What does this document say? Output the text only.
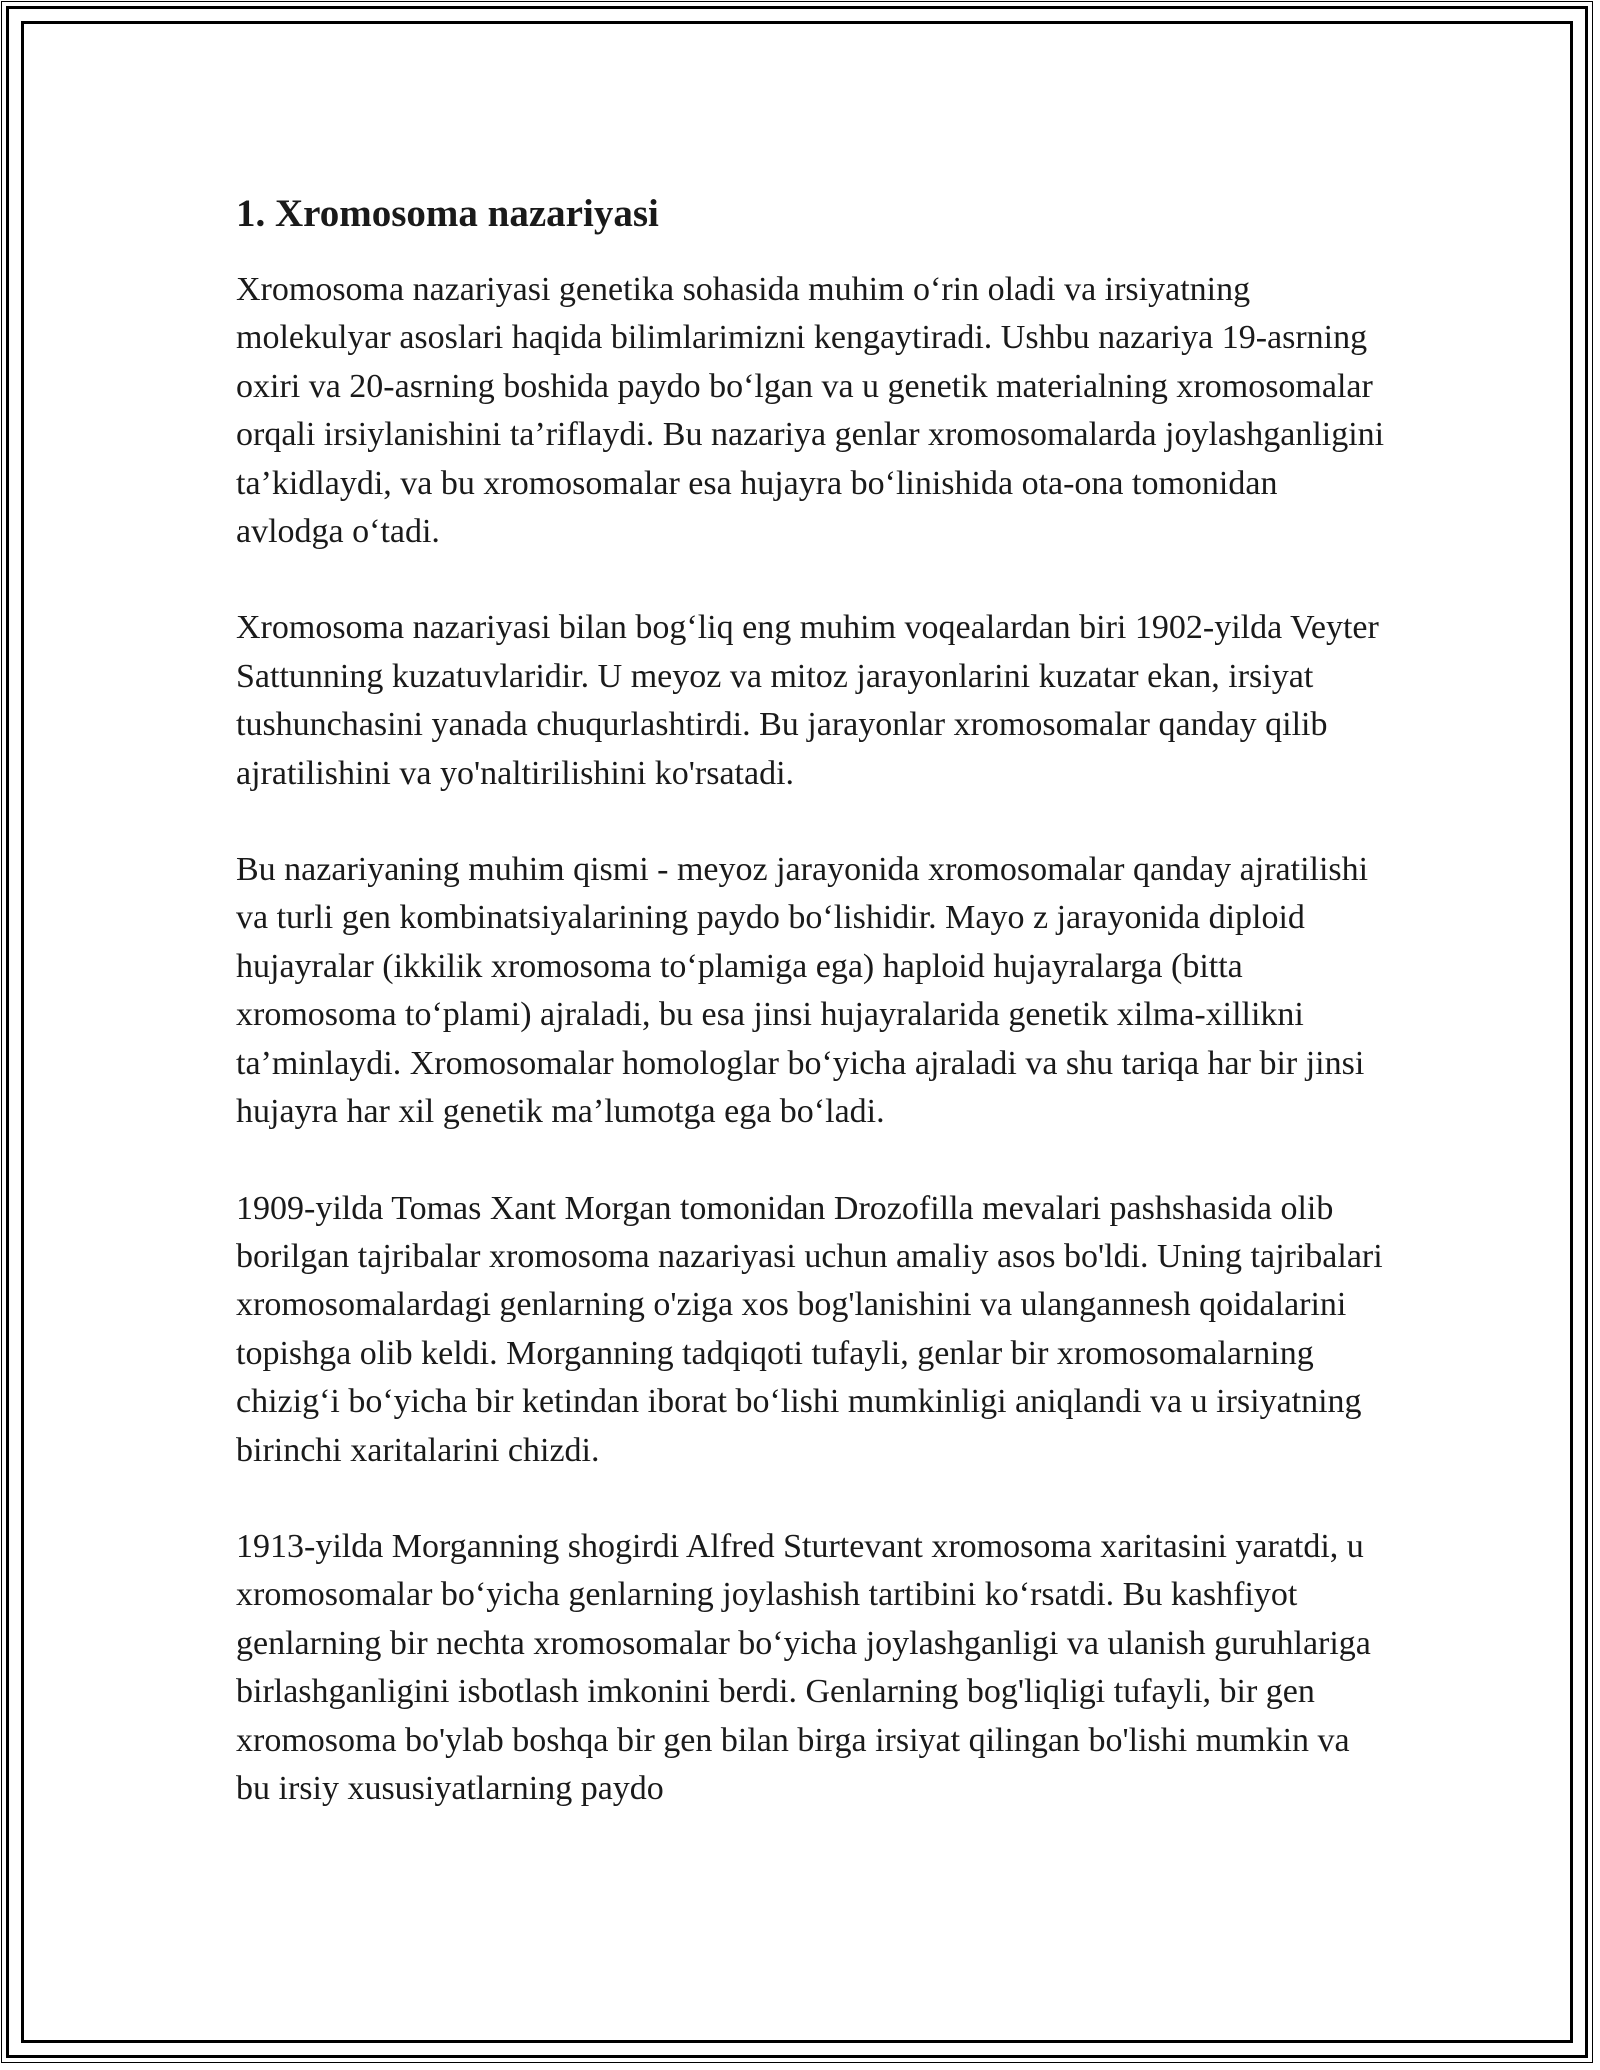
1. Xromosoma nazariyasi

Xromosoma nazariyasi genetika sohasida muhim o‘rin oladi va irsiyatning molekulyar asoslari haqida bilimlarimizni kengaytiradi. Ushbu nazariya 19-asrning oxiri va 20-asrning boshida paydo bo‘lgan va u genetik materialning xromosomalar orqali irsiylanishini ta’riflaydi. Bu nazariya genlar xromosomalarda joylashganligini ta’kidlaydi, va bu xromosomalar esa hujayra bo‘linishida ota-ona tomonidan avlodga o‘tadi.

Xromosoma nazariyasi bilan bog‘liq eng muhim voqealardan biri 1902-yilda Veyter Sattunning kuzatuvlaridir. U meyoz va mitoz jarayonlarini kuzatar ekan, irsiyat tushunchasini yanada chuqurlashtirdi. Bu jarayonlar xromosomalar qanday qilib ajratilishini va yo'naltirilishini ko'rsatadi.

Bu nazariyaning muhim qismi - meyoz jarayonida xromosomalar qanday ajratilishi va turli gen kombinatsiyalarining paydo bo‘lishidir. Mayo z jarayonida diploid hujayralar (ikkilik xromosoma to‘plamiga ega) haploid hujayralarga (bitta xromosoma to‘plami) ajraladi, bu esa jinsi hujayralarida genetik xilma-xillikni ta’minlaydi. Xromosomalar homologlar bo‘yicha ajraladi va shu tariqa har bir jinsi hujayra har xil genetik ma’lumotga ega bo‘ladi.

1909-yilda Tomas Xant Morgan tomonidan Drozofilla mevalari pashshasida olib borilgan tajribalar xromosoma nazariyasi uchun amaliy asos bo'ldi. Uning tajribalari xromosomalardagi genlarning o'ziga xos bog'lanishini va ulangannesh qoidalarini topishga olib keldi. Morganning tadqiqoti tufayli, genlar bir xromosomalarning chizig‘i bo‘yicha bir ketindan iborat bo‘lishi mumkinligi aniqlandi va u irsiyatning birinchi xaritalarini chizdi.

1913-yilda Morganning shogirdi Alfred Sturtevant xromosoma xaritasini yaratdi, u xromosomalar bo‘yicha genlarning joylashish tartibini ko‘rsatdi. Bu kashfiyot genlarning bir nechta xromosomalar bo‘yicha joylashganligi va ulanish guruhlariga birlashganligini isbotlash imkonini berdi. Genlarning bog'liqligi tufayli, bir gen xromosoma bo'ylab boshqa bir gen bilan birga irsiyat qilingan bo'lishi mumkin va bu irsiy xususiyatlarning paydo
